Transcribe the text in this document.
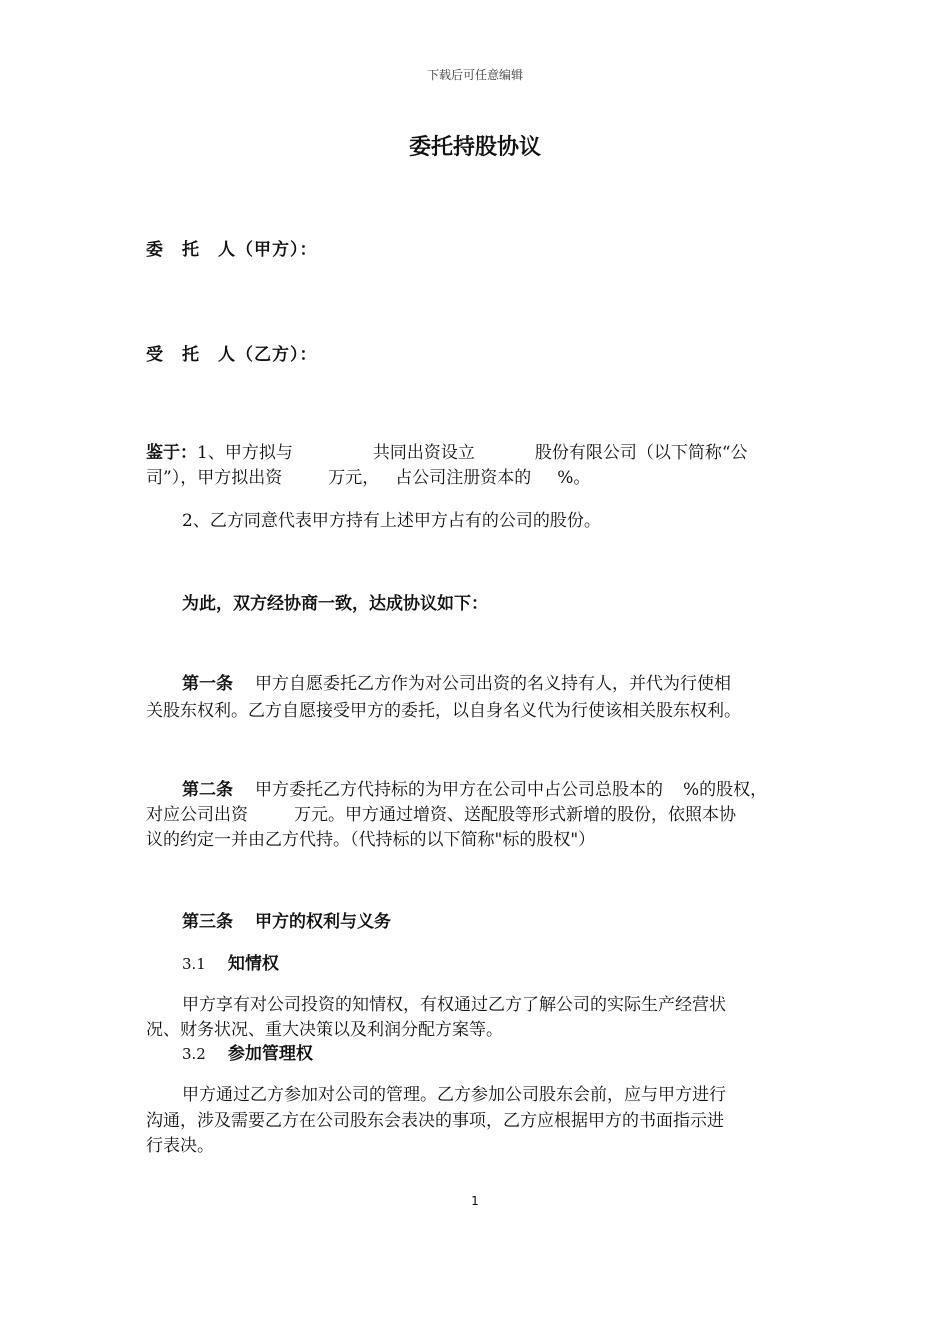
下载后可任意编辑
委托持股协议
委　托　人（甲方）：
受　托　人（乙方）：
鉴于：1、甲方拟与	共同出资设立	股份有限公司（以下简称“公
司”），甲方拟出资	万元， 占公司注册资本的 %。
2、乙方同意代表甲方持有上述甲方占有的公司的股份。
为此，双方经协商一致，达成协议如下：
第一条 甲方自愿委托乙方作为对公司出资的名义持有人，并代为行使相
关股东权利。乙方自愿接受甲方的委托，以自身名义代为行使该相关股东权利。
第二条 甲方委托乙方代持标的为甲方在公司中占公司总股本的 %的股权，
对应公司出资	万元。甲方通过增资、送配股等形式新增的股份，依照本协
议的约定一并由乙方代持。（代持标的以下简称"标的股权"）
第三条 甲方的权利与义务
3.1 知情权
甲方享有对公司投资的知情权，有权通过乙方了解公司的实际生产经营状
况、财务状况、重大决策以及利润分配方案等。
3.2 参加管理权
甲方通过乙方参加对公司的管理。乙方参加公司股东会前，应与甲方进行
沟通，涉及需要乙方在公司股东会表决的事项，乙方应根据甲方的书面指示进
行表决。
1
